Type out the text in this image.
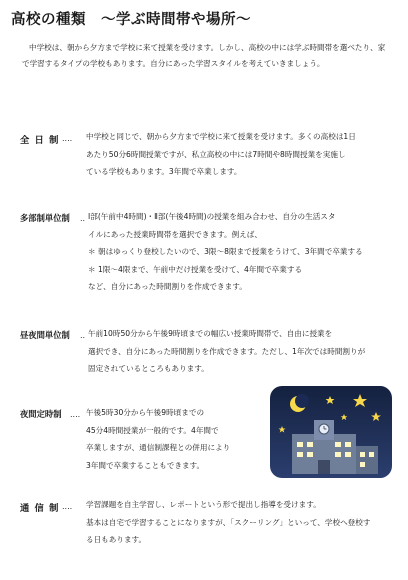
高校の種類　～学ぶ時間帯や場所～
中学校は、朝から夕方まで学校に来て授業を受けます。しかし、高校の中には学ぶ時間帯を選べたり、家で学習するタイプの学校もあります。自分にあった学習スタイルを考えていきましょう。
全 日 制 ‥‥ 中学校と同じで、朝から夕方まで学校に来て授業を受けます。多くの高校は1日
あたり50分6時間授業ですが、私立高校の中には7時間や8時間授業を実施し
ている学校もあります。3年間で卒業します。
多部制単位制 ‥ Ⅰ部(午前中4時間)・Ⅱ部(午後4時間)の授業を組み合わせ、自分の生活スタ
イルにあった授業時間帯を選択できます。例えば、
＊ 朝はゆっくり登校したいので、3限～8限まで授業をうけて、3年間で卒業する
＊ 1限～4限まで、午前中だけ授業を受けて、4年間で卒業する
など、自分にあった時間割りを作成できます。
昼夜間単位制 ‥ 午前10時50分から午後9時頃までの幅広い授業時間帯で、自由に授業を
選択でき、自分にあった時間割りを作成できます。ただし、1年次では時間割りが
固定されているところもあります。
夜間定時制 ‥‥ 午後5時30分から午後9時頃までの
45分4時間授業が一般的です。4年間で
卒業しますが、通信制課程との併用により
3年間で卒業することもできます。
通 信 制 ‥‥ 学習課題を自主学習し、レポートという形で提出し指導を受けます。
基本は自宅で学習することになりますが、「スクーリング」といって、学校へ登校す
る日もあります。
